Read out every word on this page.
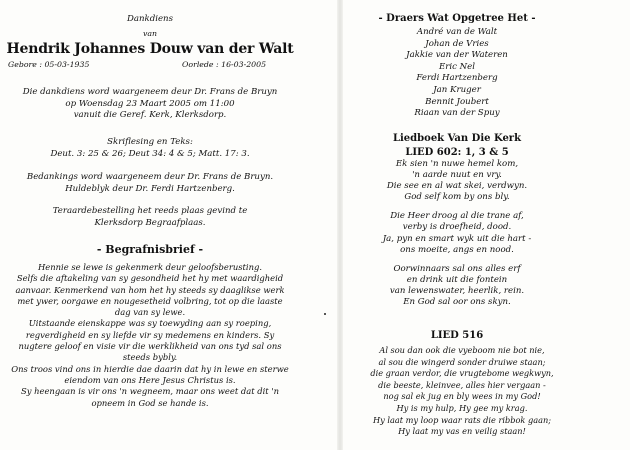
Dankdiens
van
Hendrik Johannes Douw van der Walt
Gebore : 05-03-1935	Oorlede : 16-03-2005
Die dankdiens word waargeneem deur Dr. Frans de Bruyn
op Woensdag 23 Maart 2005 om 11:00
vanuit die Geref. Kerk, Klerksdorp.
Skriflesing en Teks:
Deut. 3: 25 & 26; Deut 34: 4 & 5; Matt. 17: 3.
Bedankings word waargeneem deur Dr. Frans de Bruyn.
Huldeblyk deur Dr. Ferdi Hartzenberg.
Teraardebestelling het reeds plaas gevind te
Klerksdorp Begraafplaas.
- Begrafnisbrief -
Hennie se lewe is gekenmerk deur geloofsberusting.
Selfs die aftakeling van sy gesondheid het hy met waardigheid
aanvaar. Kenmerkend van hom het hy steeds sy daaglikse werk
met ywer, oorgawe en nougesetheid volbring, tot op die laaste
dag van sy lewe.
Uitstaande eienskappe was sy toewyding aan sy roeping,
regverdigheid en sy liefde vir sy medemens en kinders. Sy
nugtere geloof en visie vir die werklikheid van ons tyd sal ons
steeds bybly.
Ons troos vind ons in hierdie dae daarin dat hy in lewe en sterwe
eiendom van ons Here Jesus Christus is.
Sy heengaan is vir ons 'n wegneem, maar ons weet dat dit 'n
opneem in God se hande is.
- Draers Wat Opgetree Het -
André van de Walt
Johan de Vries
Jakkie van der Wateren
Eric Nel
Ferdi Hartzenberg
Jan Kruger
Bennit Joubert
Riaan van der Spuy
Liedboek Van Die Kerk
LIED 602: 1, 3 & 5
Ek sien 'n nuwe hemel kom,
'n aarde nuut en vry.
Die see en al wat skei, verdwyn.
God self kom by ons bly.
Die Heer droog al die trane af,
verby is droefheid, dood.
Ja, pyn en smart wyk uit die hart -
ons moeite, angs en nood.
Oorwinnaars sal ons alles erf
en drink uit die fontein
van lewenswater, heerlik, rein.
En God sal oor ons skyn.
LIED 516
Al sou dan ook die vyeboom nie bot nie,
al sou die wingerd sonder druiwe staan;
die graan verdor, die vrugtebome wegkwyn,
die beeste, kleinvee, alles hier vergaan -
nog sal ek jug en bly wees in my God!
Hy is my hulp, Hy gee my krag.
Hy laat my loop waar rats die ribbok gaan;
Hy laat my vas en veilig staan!
